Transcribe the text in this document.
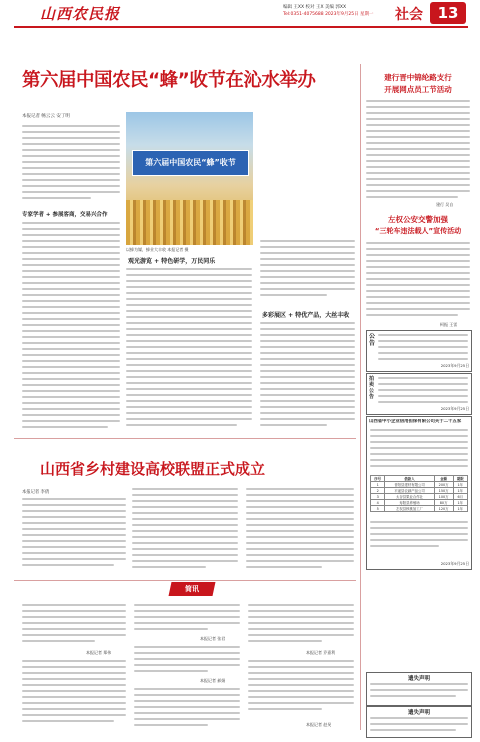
山西农民报	编辑 王XX 校对 王X 美编 郭XX
Tel:0351-4075688 2023年9月25日 星期一 社会 13
第六届中国农民“蜂”收节在沁水举办
本报记者 畅云云 安丁明
专家学者 + 参展客商，交易兴合作
第六届中国农民“蜂”收节
以蜂为媒，蜂业大丰收 本报记者 摄
观光游览 + 特色研学，万民同乐
多彩展区 + 特优产品，大丝丰收
建行晋中锦纶路支行
开展网点员工节活动
建行 吴自
左权公安交警加强
“三轮车违法载人”宣传活动
柯振 王雷
公告
2023年9月25日
拍卖公告
2023年9月25日
山西省中小企业信用担保有限公司关于二十五家
序号	借款人	金额	期限
1	昔阳县建材有限公司	200万	1年
2	平遥县农副产品公司	150万	1年
3	太谷县果业合作社	100万	6月
4	寿阳县养殖场	80万	1年
5	左权县核桃加工厂	120万	1年
2023年9月25日
遗失声明
遗失声明
山西省乡村建设高校联盟正式成立
本报记者 李倩
简讯
本报记者 郑伟
本报记者 张君
本报记者 郝娟
本报记者 乔嘉利
本报记者 赵旻
